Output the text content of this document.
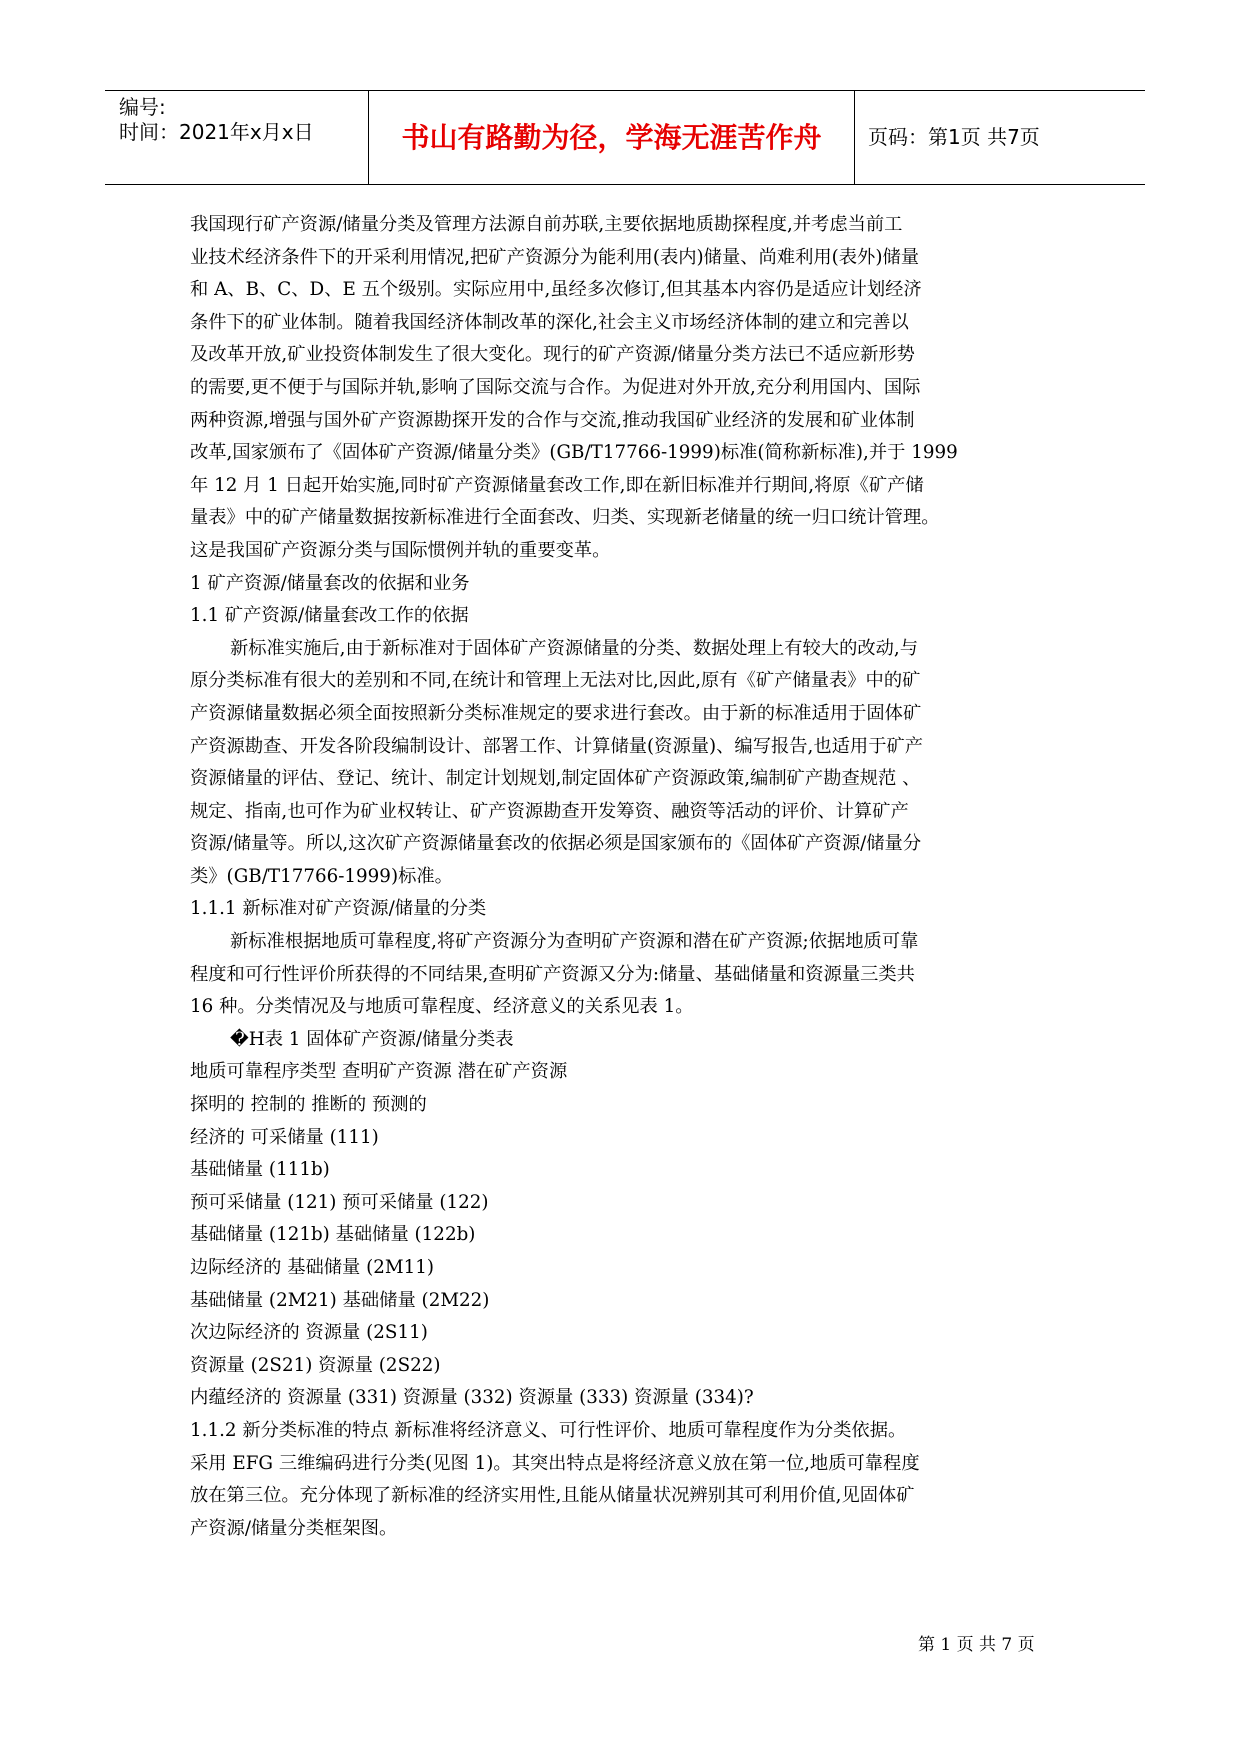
编号:
时间：2021年x月x日	书山有路勤为径，学海无涯苦作舟	页码：第1页 共7页

我国现行矿产资源/储量分类及管理方法源自前苏联,主要依据地质勘探程度,并考虑当前工

业技术经济条件下的开采利用情况,把矿产资源分为能利用(表内)储量、尚难利用(表外)储量

和 A、B、C、D、E 五个级别。实际应用中,虽经多次修订,但其基本内容仍是适应计划经济

条件下的矿业体制。随着我国经济体制改革的深化,社会主义市场经济体制的建立和完善以

及改革开放,矿业投资体制发生了很大变化。现行的矿产资源/储量分类方法已不适应新形势

的需要,更不便于与国际并轨,影响了国际交流与合作。为促进对外开放,充分利用国内、国际

两种资源,增强与国外矿产资源勘探开发的合作与交流,推动我国矿业经济的发展和矿业体制

改革,国家颁布了《固体矿产资源/储量分类》(GB/T17766-1999)标准(简称新标准),并于 1999

年 12 月 1 日起开始实施,同时矿产资源储量套改工作,即在新旧标准并行期间,将原《矿产储

量表》中的矿产储量数据按新标准进行全面套改、归类、实现新老储量的统一归口统计管理。

这是我国矿产资源分类与国际惯例并轨的重要变革。

1 矿产资源/储量套改的依据和业务

1.1 矿产资源/储量套改工作的依据

新标准实施后,由于新标准对于固体矿产资源储量的分类、数据处理上有较大的改动,与

原分类标准有很大的差别和不同,在统计和管理上无法对比,因此,原有《矿产储量表》中的矿

产资源储量数据必须全面按照新分类标准规定的要求进行套改。由于新的标准适用于固体矿

产资源勘查、开发各阶段编制设计、部署工作、计算储量(资源量)、编写报告,也适用于矿产

资源储量的评估、登记、统计、制定计划规划,制定固体矿产资源政策,编制矿产勘查规范 、

规定、指南,也可作为矿业权转让、矿产资源勘查开发筹资、融资等活动的评价、计算矿产

资源/储量等。所以,这次矿产资源储量套改的依据必须是国家颁布的《固体矿产资源/储量分

类》(GB/T17766-1999)标准。

1.1.1 新标准对矿产资源/储量的分类

新标准根据地质可靠程度,将矿产资源分为查明矿产资源和潜在矿产资源;依据地质可靠

程度和可行性评价所获得的不同结果,查明矿产资源又分为:储量、基础储量和资源量三类共

16 种。分类情况及与地质可靠程度、经济意义的关系见表 1。

�H表 1 固体矿产资源/储量分类表

地质可靠程序类型 查明矿产资源 潜在矿产资源

探明的 控制的 推断的 预测的

经济的 可采储量 (111)

基础储量 (111b)

预可采储量 (121) 预可采储量 (122)

基础储量 (121b) 基础储量 (122b)

边际经济的 基础储量 (2M11)

基础储量 (2M21) 基础储量 (2M22)

次边际经济的 资源量 (2S11)

资源量 (2S21) 资源量 (2S22)

内蕴经济的 资源量 (331) 资源量 (332) 资源量 (333) 资源量 (334)?

1.1.2 新分类标准的特点 新标准将经济意义、可行性评价、地质可靠程度作为分类依据。

采用 EFG 三维编码进行分类(见图 1)。其突出特点是将经济意义放在第一位,地质可靠程度

放在第三位。充分体现了新标准的经济实用性,且能从储量状况辨别其可利用价值,见固体矿

产资源/储量分类框架图。

第 1 页 共 7 页
